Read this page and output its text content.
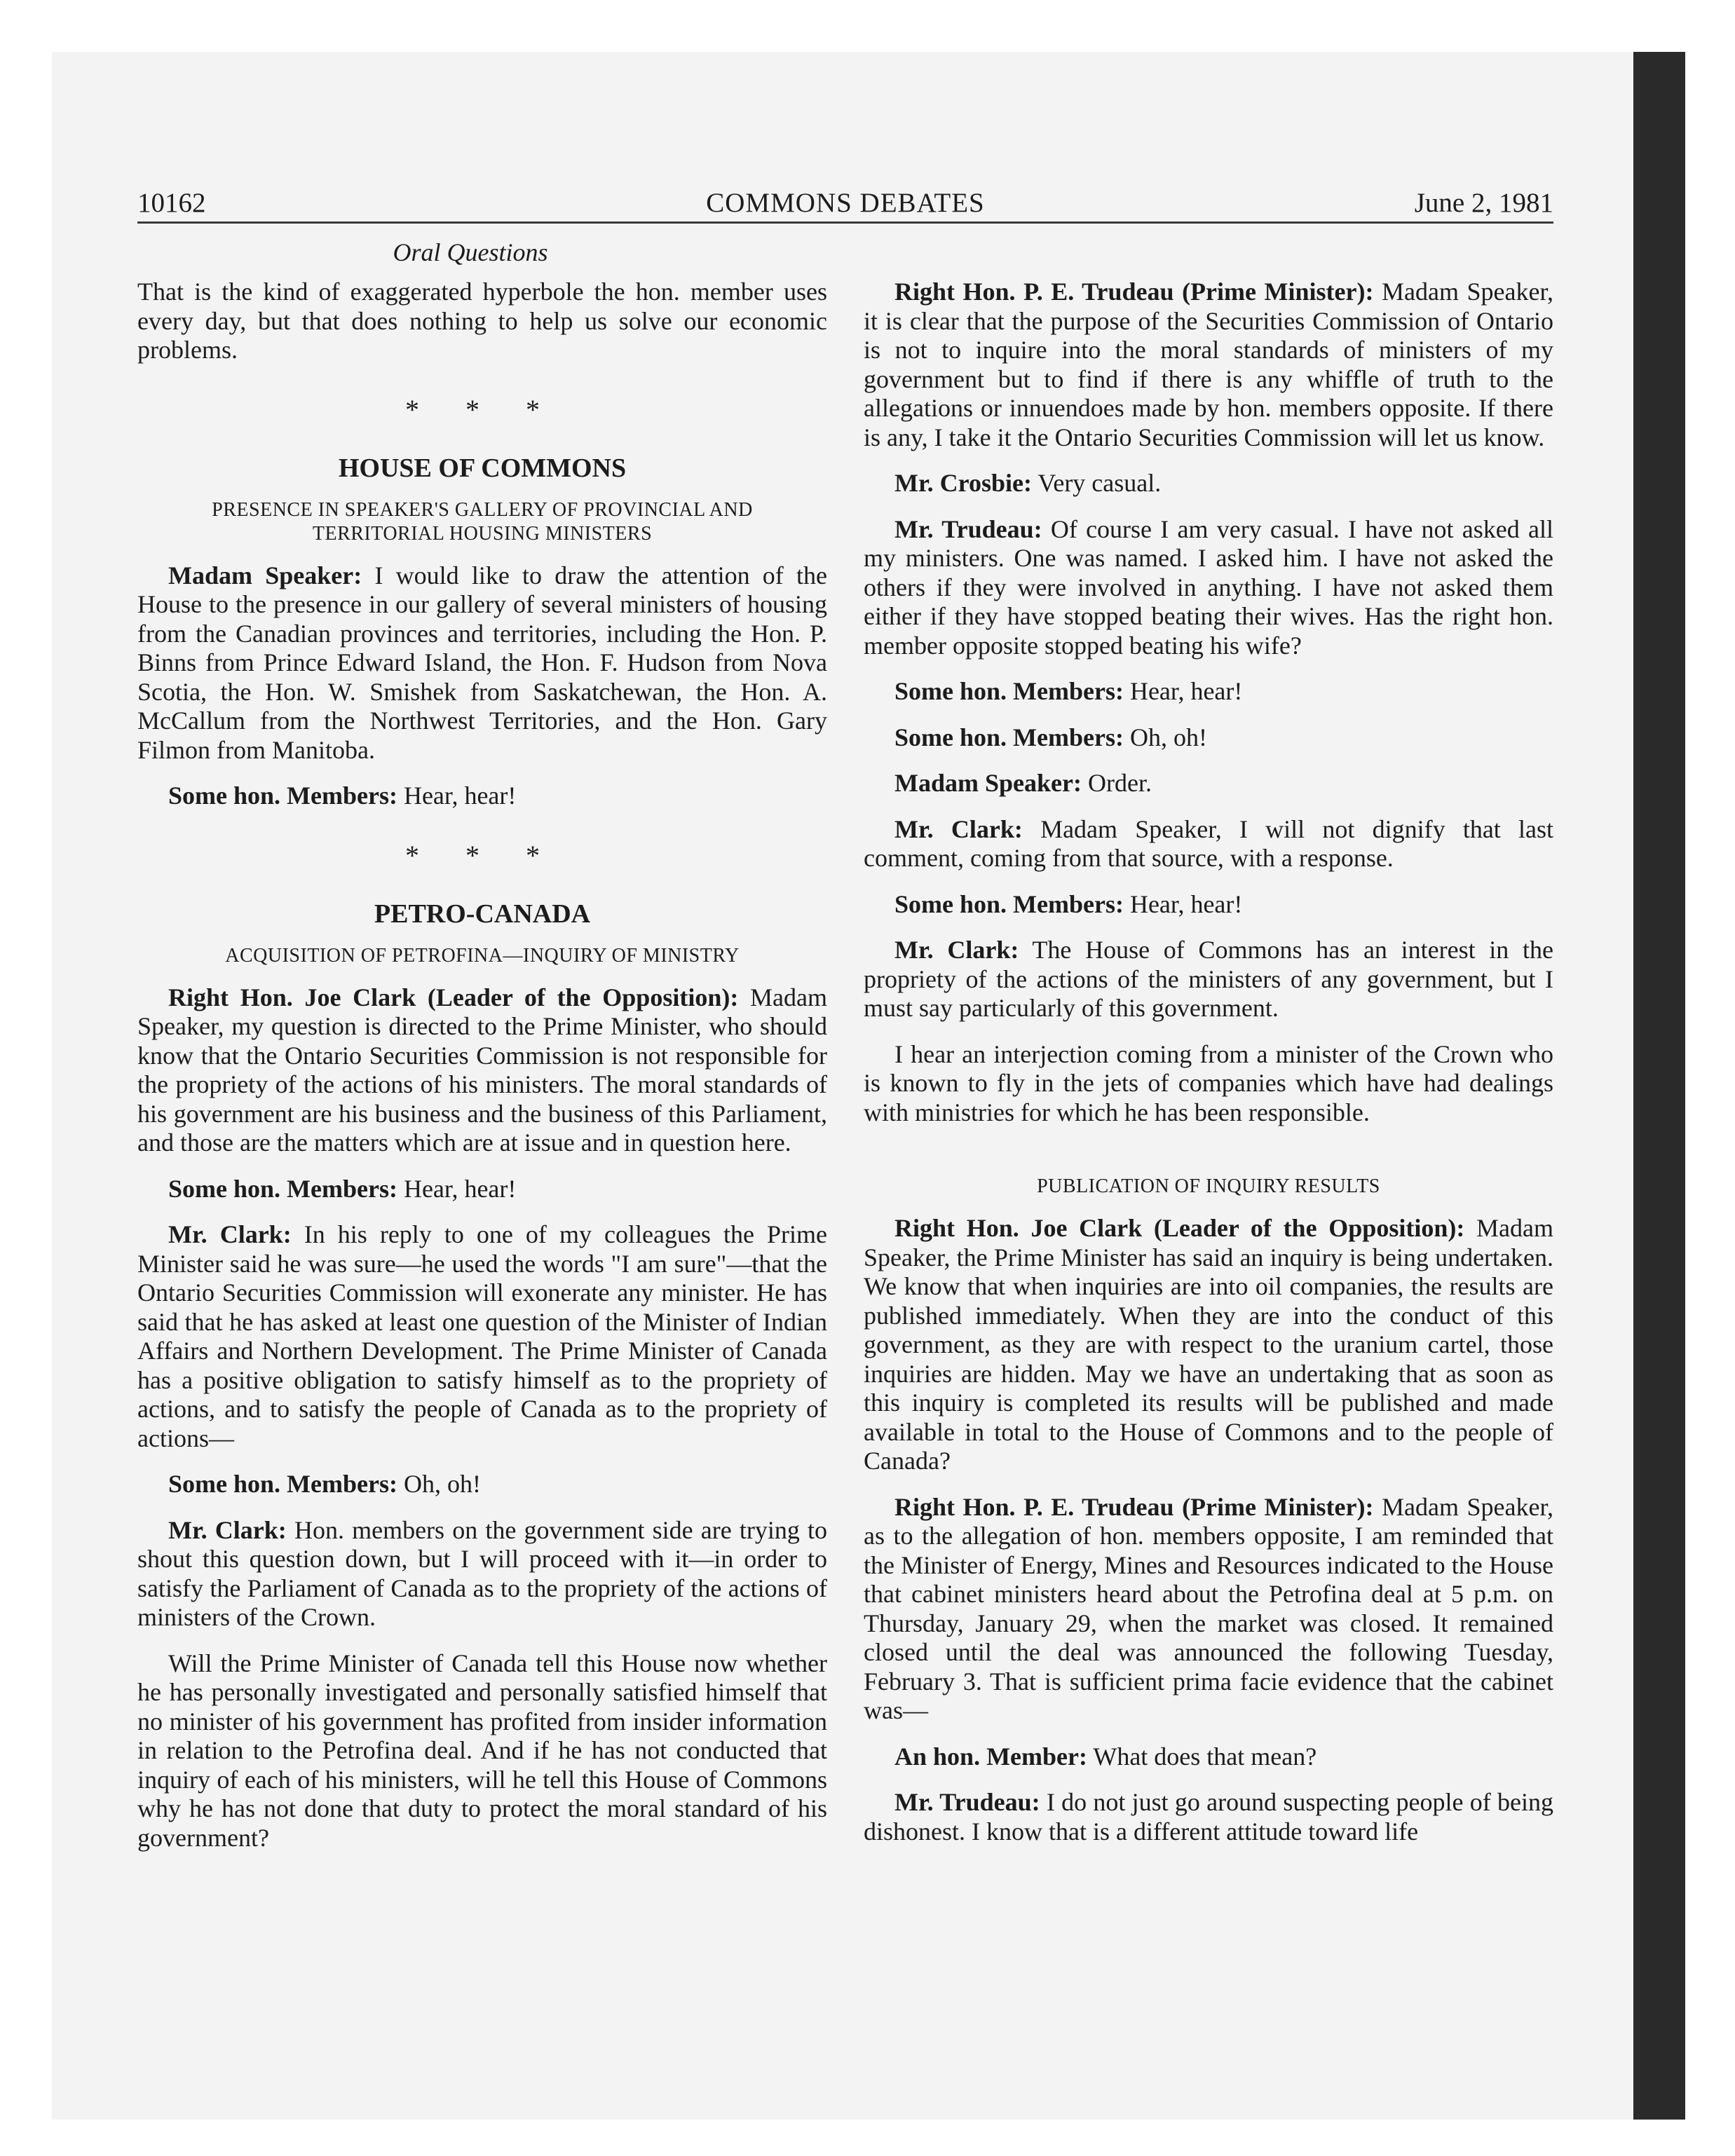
10162	COMMONS DEBATES	June 2, 1981
Oral Questions

That is the kind of exaggerated hyperbole the hon. member uses every day, but that does nothing to help us solve our economic problems.

* * *
HOUSE OF COMMONS
PRESENCE IN SPEAKER'S GALLERY OF PROVINCIAL AND TERRITORIAL HOUSING MINISTERS

Madam Speaker: I would like to draw the attention of the House to the presence in our gallery of several ministers of housing from the Canadian provinces and territories, including the Hon. P. Binns from Prince Edward Island, the Hon. F. Hudson from Nova Scotia, the Hon. W. Smishek from Saskatchewan, the Hon. A. McCallum from the Northwest Territories, and the Hon. Gary Filmon from Manitoba.

Some hon. Members: Hear, hear!

* * *
PETRO-CANADA
ACQUISITION OF PETROFINA—INQUIRY OF MINISTRY

Right Hon. Joe Clark (Leader of the Opposition): Madam Speaker, my question is directed to the Prime Minister, who should know that the Ontario Securities Commission is not responsible for the propriety of the actions of his ministers. The moral standards of his government are his business and the business of this Parliament, and those are the matters which are at issue and in question here.

Some hon. Members: Hear, hear!

Mr. Clark: In his reply to one of my colleagues the Prime Minister said he was sure—he used the words "I am sure"—that the Ontario Securities Commission will exonerate any minister. He has said that he has asked at least one question of the Minister of Indian Affairs and Northern Development. The Prime Minister of Canada has a positive obligation to satisfy himself as to the propriety of actions, and to satisfy the people of Canada as to the propriety of actions—

Some hon. Members: Oh, oh!

Mr. Clark: Hon. members on the government side are trying to shout this question down, but I will proceed with it—in order to satisfy the Parliament of Canada as to the propriety of the actions of ministers of the Crown.

Will the Prime Minister of Canada tell this House now whether he has personally investigated and personally satisfied himself that no minister of his government has profited from insider information in relation to the Petrofina deal. And if he has not conducted that inquiry of each of his ministers, will he tell this House of Commons why he has not done that duty to protect the moral standard of his government?

Right Hon. P. E. Trudeau (Prime Minister): Madam Speaker, it is clear that the purpose of the Securities Commission of Ontario is not to inquire into the moral standards of ministers of my government but to find if there is any whiffle of truth to the allegations or innuendoes made by hon. members opposite. If there is any, I take it the Ontario Securities Commission will let us know.

Mr. Crosbie: Very casual.

Mr. Trudeau: Of course I am very casual. I have not asked all my ministers. One was named. I asked him. I have not asked the others if they were involved in anything. I have not asked them either if they have stopped beating their wives. Has the right hon. member opposite stopped beating his wife?

Some hon. Members: Hear, hear!

Some hon. Members: Oh, oh!

Madam Speaker: Order.

Mr. Clark: Madam Speaker, I will not dignify that last comment, coming from that source, with a response.

Some hon. Members: Hear, hear!

Mr. Clark: The House of Commons has an interest in the propriety of the actions of the ministers of any government, but I must say particularly of this government.

I hear an interjection coming from a minister of the Crown who is known to fly in the jets of companies which have had dealings with ministries for which he has been responsible.

PUBLICATION OF INQUIRY RESULTS

Right Hon. Joe Clark (Leader of the Opposition): Madam Speaker, the Prime Minister has said an inquiry is being undertaken. We know that when inquiries are into oil companies, the results are published immediately. When they are into the conduct of this government, as they are with respect to the uranium cartel, those inquiries are hidden. May we have an undertaking that as soon as this inquiry is completed its results will be published and made available in total to the House of Commons and to the people of Canada?

Right Hon. P. E. Trudeau (Prime Minister): Madam Speaker, as to the allegation of hon. members opposite, I am reminded that the Minister of Energy, Mines and Resources indicated to the House that cabinet ministers heard about the Petrofina deal at 5 p.m. on Thursday, January 29, when the market was closed. It remained closed until the deal was announced the following Tuesday, February 3. That is sufficient prima facie evidence that the cabinet was—

An hon. Member: What does that mean?

Mr. Trudeau: I do not just go around suspecting people of being dishonest. I know that is a different attitude toward life
